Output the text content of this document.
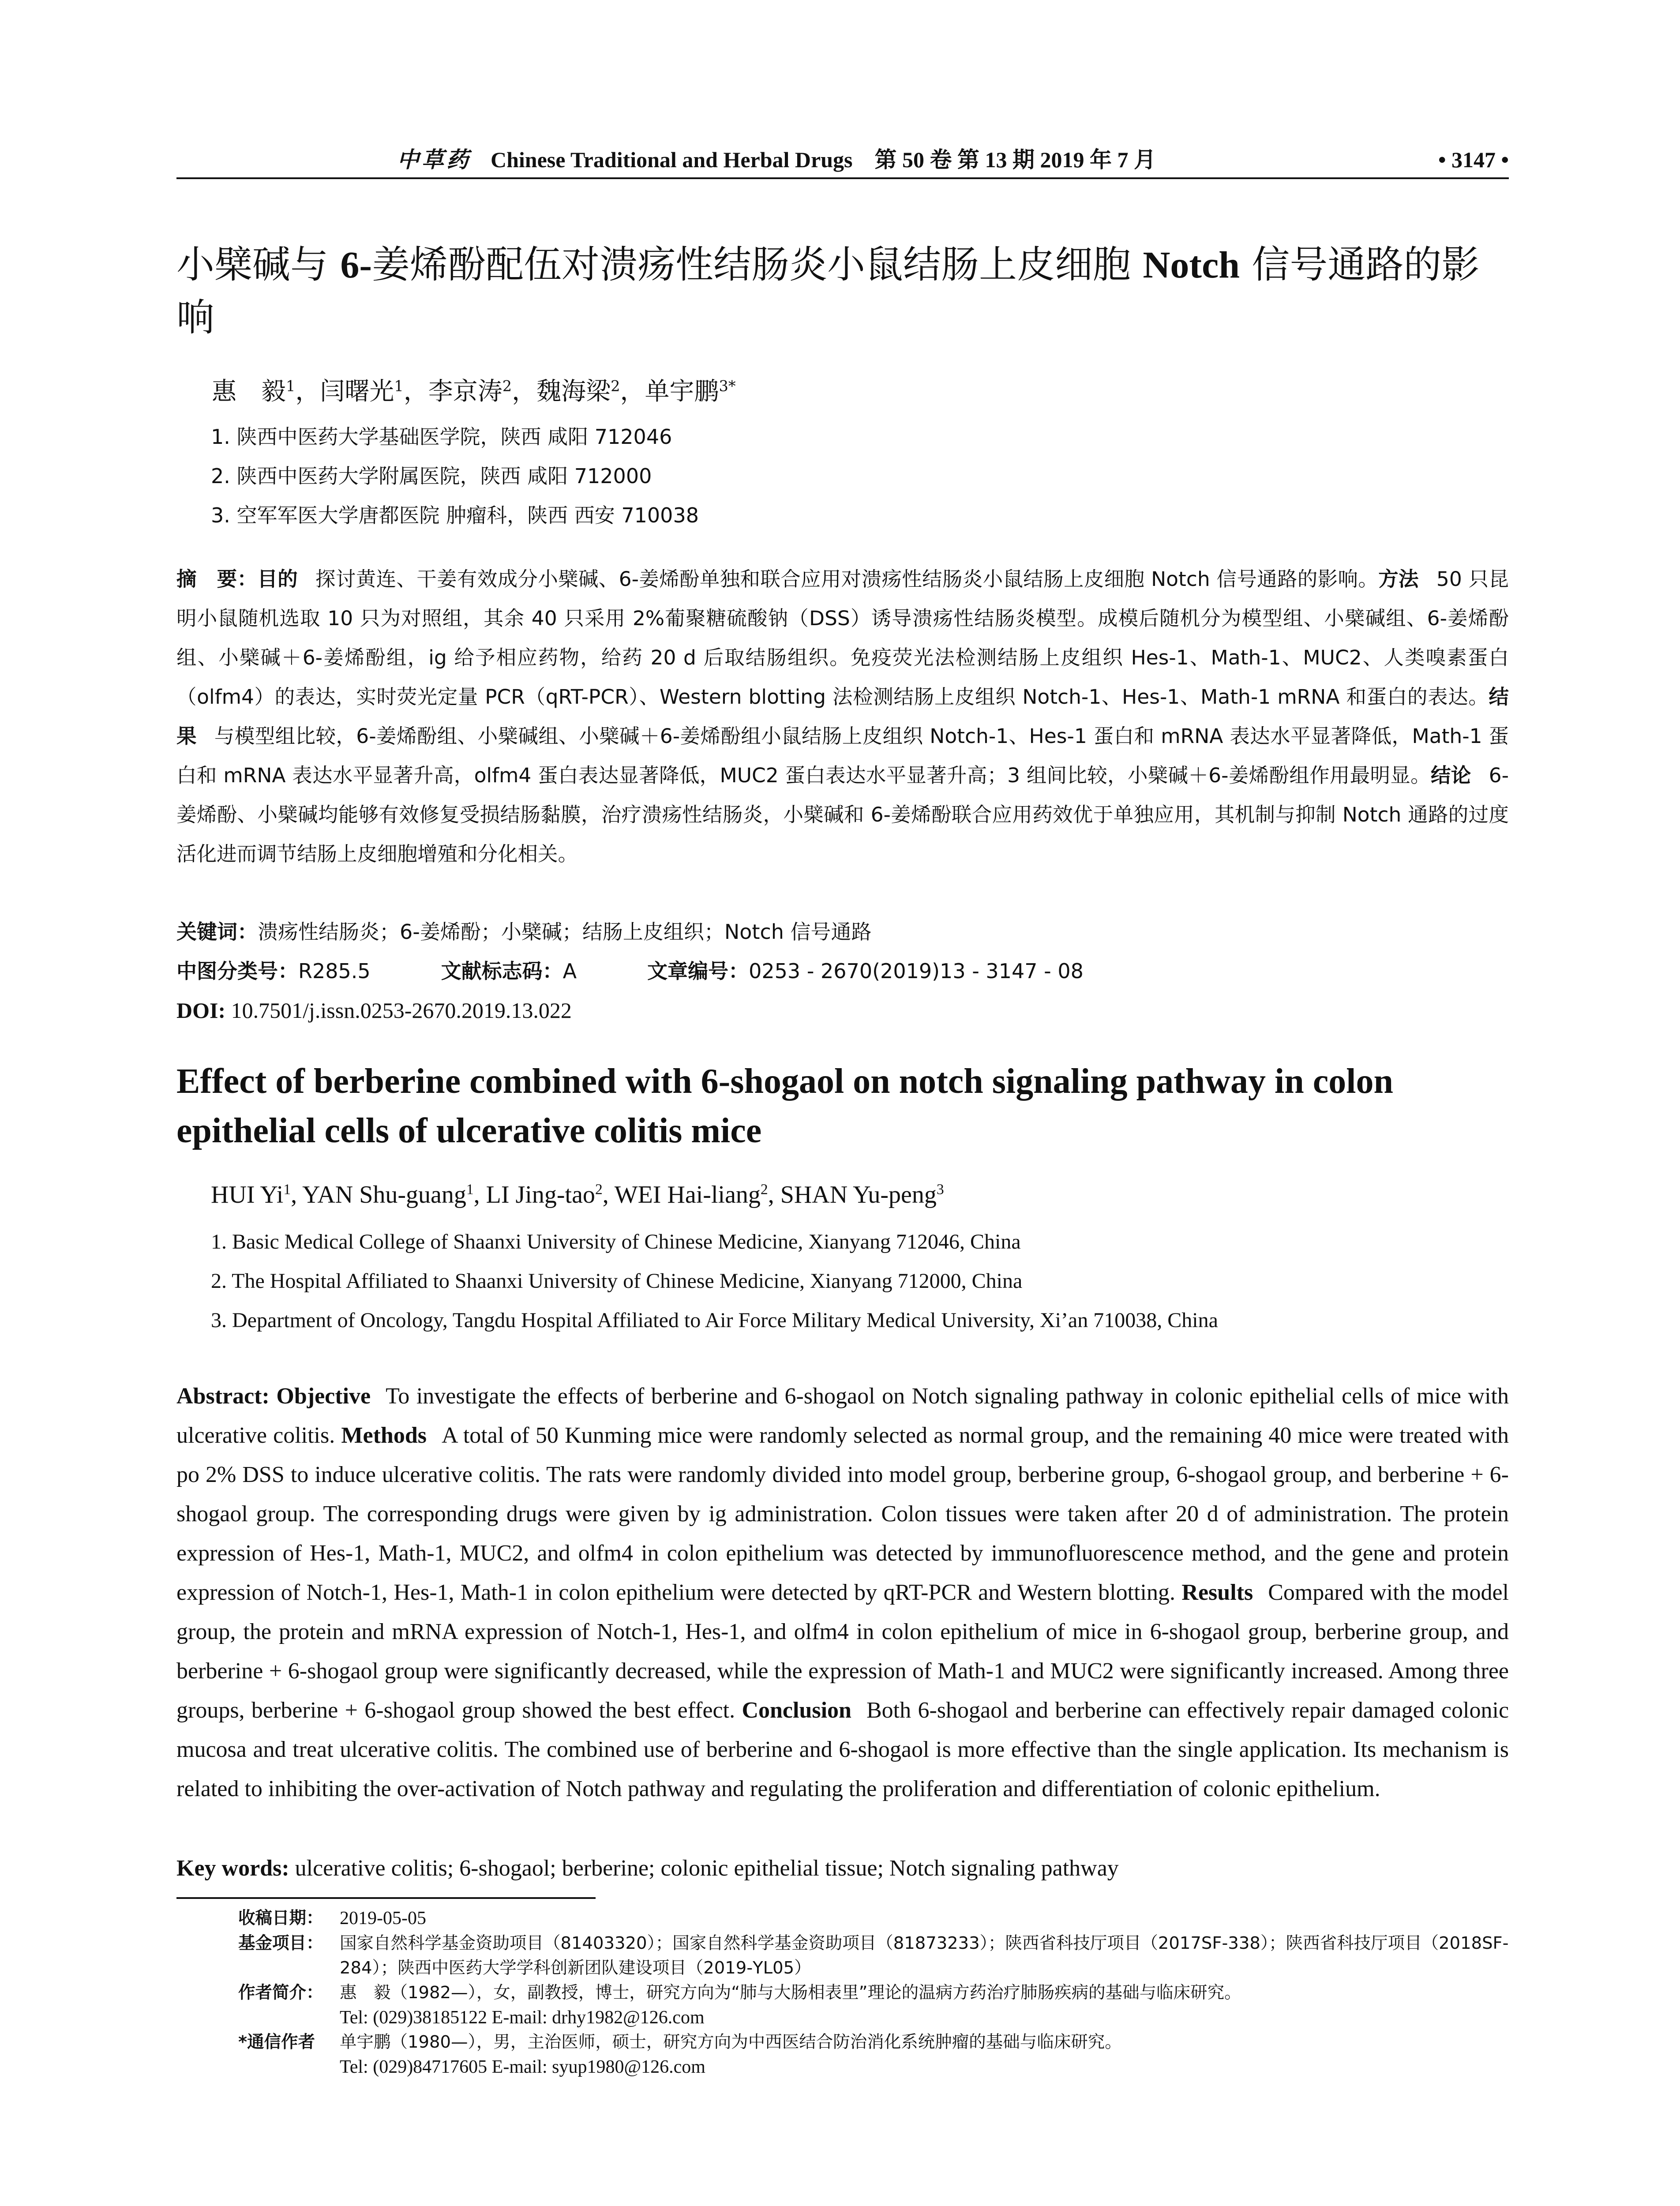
中草药 Chinese Traditional and Herbal Drugs 第 50 卷 第 13 期 2019 年 7 月	• 3147 •
小檗碱与 6-姜烯酚配伍对溃疡性结肠炎小鼠结肠上皮细胞 Notch 信号通路的影响
惠　毅$^1$，闫曙光$^1$，李京涛$^2$，魏海梁$^2$，单宇鹏$^{3*}$
1. 陕西中医药大学基础医学院，陕西 咸阳 712046
2. 陕西中医药大学附属医院，陕西 咸阳 712000
3. 空军军医大学唐都医院 肿瘤科，陕西 西安 710038

摘　要：目的 探讨黄连、干姜有效成分小檗碱、6-姜烯酚单独和联合应用对溃疡性结肠炎小鼠结肠上皮细胞 Notch 信号通路的影响。方法 50 只昆明小鼠随机选取 10 只为对照组，其余 40 只采用 2%葡聚糖硫酸钠（DSS）诱导溃疡性结肠炎模型。成模后随机分为模型组、小檗碱组、6-姜烯酚组、小檗碱＋6-姜烯酚组，ig 给予相应药物，给药 20 d 后取结肠组织。免疫荧光法检测结肠上皮组织 Hes-1、Math-1、MUC2、人类嗅素蛋白（olfm4）的表达，实时荧光定量 PCR（qRT-PCR）、Western blotting 法检测结肠上皮组织 Notch-1、Hes-1、Math-1 mRNA 和蛋白的表达。结果 与模型组比较，6-姜烯酚组、小檗碱组、小檗碱＋6-姜烯酚组小鼠结肠上皮组织 Notch-1、Hes-1 蛋白和 mRNA 表达水平显著降低，Math-1 蛋白和 mRNA 表达水平显著升高，olfm4 蛋白表达显著降低，MUC2 蛋白表达水平显著升高；3 组间比较，小檗碱＋6-姜烯酚组作用最明显。结论 6-姜烯酚、小檗碱均能够有效修复受损结肠黏膜，治疗溃疡性结肠炎，小檗碱和 6-姜烯酚联合应用药效优于单独应用，其机制与抑制 Notch 通路的过度活化进而调节结肠上皮细胞增殖和分化相关。

关键词：溃疡性结肠炎；6-姜烯酚；小檗碱；结肠上皮组织；Notch 信号通路
中图分类号：R285.5	文献标志码：A	文章编号：0253 - 2670(2019)13 - 3147 - 08
DOI: 10.7501/j.issn.0253-2670.2019.13.022
Effect of berberine combined with 6-shogaol on notch signaling pathway in colon epithelial cells of ulcerative colitis mice
HUI Yi$^1$, YAN Shu-guang$^1$, LI Jing-tao$^2$, WEI Hai-liang$^2$, SHAN Yu-peng$^3$
1. Basic Medical College of Shaanxi University of Chinese Medicine, Xianyang 712046, China
2. The Hospital Affiliated to Shaanxi University of Chinese Medicine, Xianyang 712000, China
3. Department of Oncology, Tangdu Hospital Affiliated to Air Force Military Medical University, Xi’an 710038, China

Abstract: Objective To investigate the effects of berberine and 6-shogaol on Notch signaling pathway in colonic epithelial cells of mice with ulcerative colitis. Methods A total of 50 Kunming mice were randomly selected as normal group, and the remaining 40 mice were treated with po 2% DSS to induce ulcerative colitis. The rats were randomly divided into model group, berberine group, 6-shogaol group, and berberine + 6-shogaol group. The corresponding drugs were given by ig administration. Colon tissues were taken after 20 d of administration. The protein expression of Hes-1, Math-1, MUC2, and olfm4 in colon epithelium was detected by immunofluorescence method, and the gene and protein expression of Notch-1, Hes-1, Math-1 in colon epithelium were detected by qRT-PCR and Western blotting. Results Compared with the model group, the protein and mRNA expression of Notch-1, Hes-1, and olfm4 in colon epithelium of mice in 6-shogaol group, berberine group, and berberine + 6-shogaol group were significantly decreased, while the expression of Math-1 and MUC2 were significantly increased. Among three groups, berberine + 6-shogaol group showed the best effect. Conclusion Both 6-shogaol and berberine can effectively repair damaged colonic mucosa and treat ulcerative colitis. The combined use of berberine and 6-shogaol is more effective than the single application. Its mechanism is related to inhibiting the over-activation of Notch pathway and regulating the proliferation and differentiation of colonic epithelium.

Key words: ulcerative colitis; 6-shogaol; berberine; colonic epithelial tissue; Notch signaling pathway
收稿日期： 2019-05-05
基金项目： 国家自然科学基金资助项目（81403320）；国家自然科学基金资助项目（81873233）；陕西省科技厅项目（2017SF-338）；陕西省科技厅项目（2018SF-284）；陕西中医药大学学科创新团队建设项目（2019-YL05）
作者简介： 惠　毅（1982—），女，副教授，博士，研究方向为“肺与大肠相表里”理论的温病方药治疗肺肠疾病的基础与临床研究。
Tel: (029)38185122 E-mail: drhy1982@126.com
*通信作者 单宇鹏（1980—），男，主治医师，硕士，研究方向为中西医结合防治消化系统肿瘤的基础与临床研究。
Tel: (029)84717605 E-mail: syup1980@126.com
